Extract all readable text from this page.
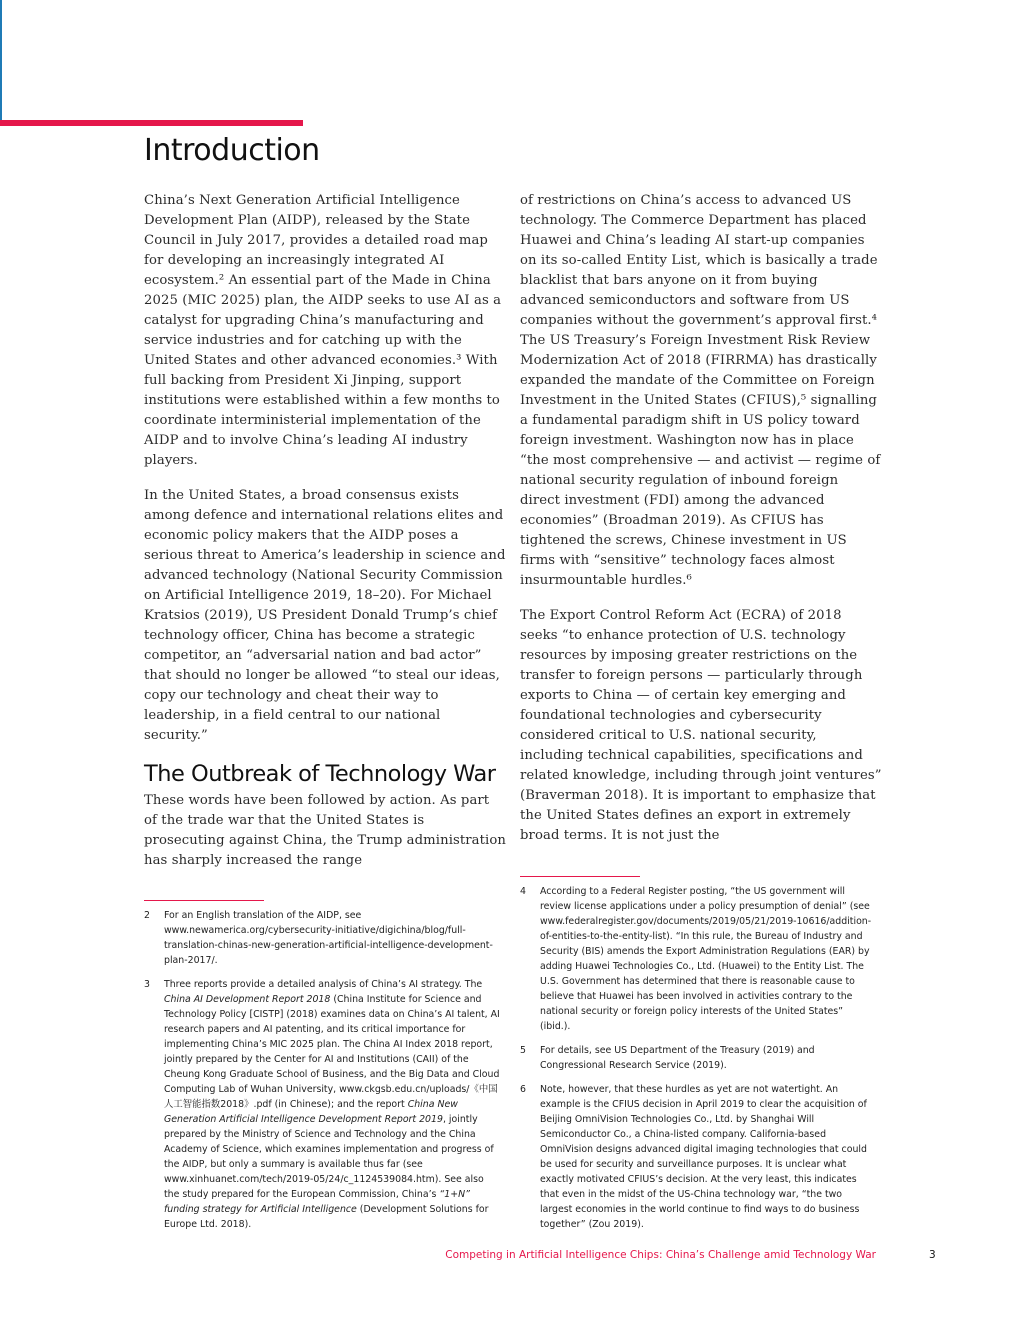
Introduction

China’s Next Generation Artificial Intelligence Development Plan (AIDP), released by the State Council in July 2017, provides a detailed road map for developing an increasingly integrated AI ecosystem.² An essential part of the Made in China 2025 (MIC 2025) plan, the AIDP seeks to use AI as a catalyst for upgrading China’s manufacturing and service industries and for catching up with the United States and other advanced economies.³ With full backing from President Xi Jinping, support institutions were established within a few months to coordinate interministerial implementation of the AIDP and to involve China’s leading AI industry players.

In the United States, a broad consensus exists among defence and international relations elites and economic policy makers that the AIDP poses a serious threat to America’s leadership in science and advanced technology (National Security Commission on Artificial Intelligence 2019, 18–20). For Michael Kratsios (2019), US President Donald Trump’s chief technology officer, China has become a strategic competitor, an “adversarial nation and bad actor” that should no longer be allowed “to steal our ideas, copy our technology and cheat their way to leadership, in a field central to our national security.”

The Outbreak of Technology War

These words have been followed by action. As part of the trade war that the United States is prosecuting against China, the Trump administration has sharply increased the range

of restrictions on China’s access to advanced US technology. The Commerce Department has placed Huawei and China’s leading AI start-up companies on its so-called Entity List, which is basically a trade blacklist that bars anyone on it from buying advanced semiconductors and software from US companies without the government’s approval first.⁴ The US Treasury’s Foreign Investment Risk Review Modernization Act of 2018 (FIRRMA) has drastically expanded the mandate of the Committee on Foreign Investment in the United States (CFIUS),⁵ signalling a fundamental paradigm shift in US policy toward foreign investment. Washington now has in place “the most comprehensive — and activist — regime of national security regulation of inbound foreign direct investment (FDI) among the advanced economies” (Broadman 2019). As CFIUS has tightened the screws, Chinese investment in US firms with “sensitive” technology faces almost insurmountable hurdles.⁶

The Export Control Reform Act (ECRA) of 2018 seeks “to enhance protection of U.S. technology resources by imposing greater restrictions on the transfer to foreign persons — particularly through exports to China — of certain key emerging and foundational technologies and cybersecurity considered critical to U.S. national security, including technical capabilities, specifications and related knowledge, including through joint ventures” (Braverman 2018). It is important to emphasize that the United States defines an export in extremely broad terms. It is not just the

2	For an English translation of the AIDP, see www.newamerica.org/cybersecurity-initiative/digichina/blog/full-translation-chinas-new-generation-artificial-intelligence-development-plan-2017/.
3	Three reports provide a detailed analysis of China’s AI strategy. The China AI Development Report 2018 (China Institute for Science and Technology Policy [CISTP] (2018) examines data on China’s AI talent, AI research papers and AI patenting, and its critical importance for implementing China’s MIC 2025 plan. The China AI Index 2018 report, jointly prepared by the Center for AI and Institutions (CAII) of the Cheung Kong Graduate School of Business, and the Big Data and Cloud Computing Lab of Wuhan University, www.ckgsb.edu.cn/uploads/《中国人工智能指数2018》.pdf (in Chinese); and the report China New Generation Artificial Intelligence Development Report 2019, jointly prepared by the Ministry of Science and Technology and the China Academy of Science, which examines implementation and progress of the AIDP, but only a summary is available thus far (see www.xinhuanet.com/tech/2019-05/24/c_1124539084.htm). See also the study prepared for the European Commission, China’s “1+N” funding strategy for Artificial Intelligence (Development Solutions for Europe Ltd. 2018).
4	According to a Federal Register posting, “the US government will review license applications under a policy presumption of denial” (see www.federalregister.gov/documents/2019/05/21/2019-10616/addition-of-entities-to-the-entity-list). “In this rule, the Bureau of Industry and Security (BIS) amends the Export Administration Regulations (EAR) by adding Huawei Technologies Co., Ltd. (Huawei) to the Entity List. The U.S. Government has determined that there is reasonable cause to believe that Huawei has been involved in activities contrary to the national security or foreign policy interests of the United States” (ibid.).
5	For details, see US Department of the Treasury (2019) and Congressional Research Service (2019).
6	Note, however, that these hurdles as yet are not watertight. An example is the CFIUS decision in April 2019 to clear the acquisition of Beijing OmniVision Technologies Co., Ltd. by Shanghai Will Semiconductor Co., a China-listed company. California-based OmniVision designs advanced digital imaging technologies that could be used for security and surveillance purposes. It is unclear what exactly motivated CFIUS’s decision. At the very least, this indicates that even in the midst of the US-China technology war, “the two largest economies in the world continue to find ways to do business together” (Zou 2019).
Competing in Artificial Intelligence Chips: China’s Challenge amid Technology War	3
